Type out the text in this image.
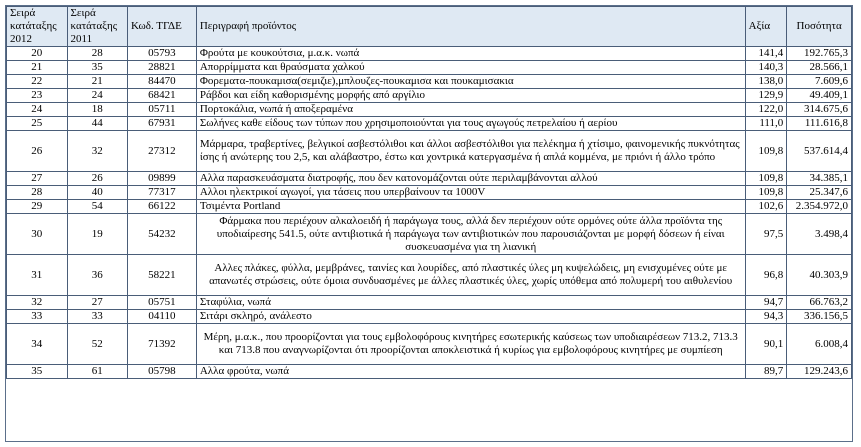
Σειρά κατάταξης 2012	Σειρά κατάταξης 2011	Κωδ. ΤΓΔΕ	Περιγραφή προϊόντος	Αξία	Ποσότητα
20	28	05793	Φρούτα με κουκούτσια, μ.α.κ. νωπά	141,4	192.765,3
21	35	28821	Απορρίμματα και θραύσματα χαλκού	140,3	28.566,1
22	21	84470	Φορεματα-πουκαμισα(σεμιζιε),μπλουζες-πουκαμισα και πουκαμισακια	138,0	7.609,6
23	24	68421	Ράβδοι και είδη καθορισμένης μορφής από αργίλιο	129,9	49.409,1
24	18	05711	Πορτοκάλια, νωπά ή αποξεραμένα	122,0	314.675,6
25	44	67931	Σωλήνες καθε είδους των τύπων που χρησιμοποιούνται για τους αγωγούς πετρελαίου ή αερίου	111,0	111.616,8
26	32	27312	Μάρμαρα, τραβερτίνες, βελγικοί ασβεστόλιθοι και άλλοι ασβεστόλιθοι για πελέκημα ή χτίσιμο, φαινομενικής πυκνότητας ίσης ή ανώτερης του 2,5, και αλάβαστρο, έστω και χοντρικά κατεργασμένα ή απλά κομμένα, με πριόνι ή άλλο τρόπο	109,8	537.614,4
27	26	09899	Αλλα παρασκευάσματα διατροφής, που δεν κατονομάζονται ούτε περιλαμβάνονται αλλού	109,8	34.385,1
28	40	77317	Αλλοι ηλεκτρικοί αγωγοί, για τάσεις που υπερβαίνουν τα 1000V	109,8	25.347,6
29	54	66122	Τσιμέντα Portland	102,6	2.354.972,0
30	19	54232	Φάρμακα που περιέχουν αλκαλοειδή ή παράγωγα τους, αλλά δεν περιέχουν ούτε ορμόνες ούτε άλλα προϊόντα της υποδιαίρεσης 541.5, ούτε αντιβιοτικά ή παράγωγα των αντιβιοτικών που παρουσιάζονται με μορφή δόσεων ή είναι συσκευασμένα για τη λιανική	97,5	3.498,4
31	36	58221	Αλλες πλάκες, φύλλα, μεμβράνες, ταινίες και λουρίδες, από πλαστικές ύλες μη κυψελώδεις, μη ενισχυμένες ούτε με απανωτές στρώσεις, ούτε όμοια συνδυασμένες με άλλες πλαστικές ύλες, χωρίς υπόθεμα από πολυμερή του αιθυλενίου	96,8	40.303,9
32	27	05751	Σταφύλια, νωπά	94,7	66.763,2
33	33	04110	Σιτάρι σκληρό, ανάλεστο	94,3	336.156,5
34	52	71392	Μέρη, μ.α.κ., που προορίζονται για τους εμβολοφόρους κινητήρες εσωτερικής καύσεως των υποδιαιρέσεων 713.2, 713.3 και 713.8 που αναγνωρίζονται ότι προορίζονται αποκλειστικά ή κυρίως για εμβολοφόρους κινητήρες με συμπίεση	90,1	6.008,4
35	61	05798	Αλλα φρούτα, νωπά	89,7	129.243,6
